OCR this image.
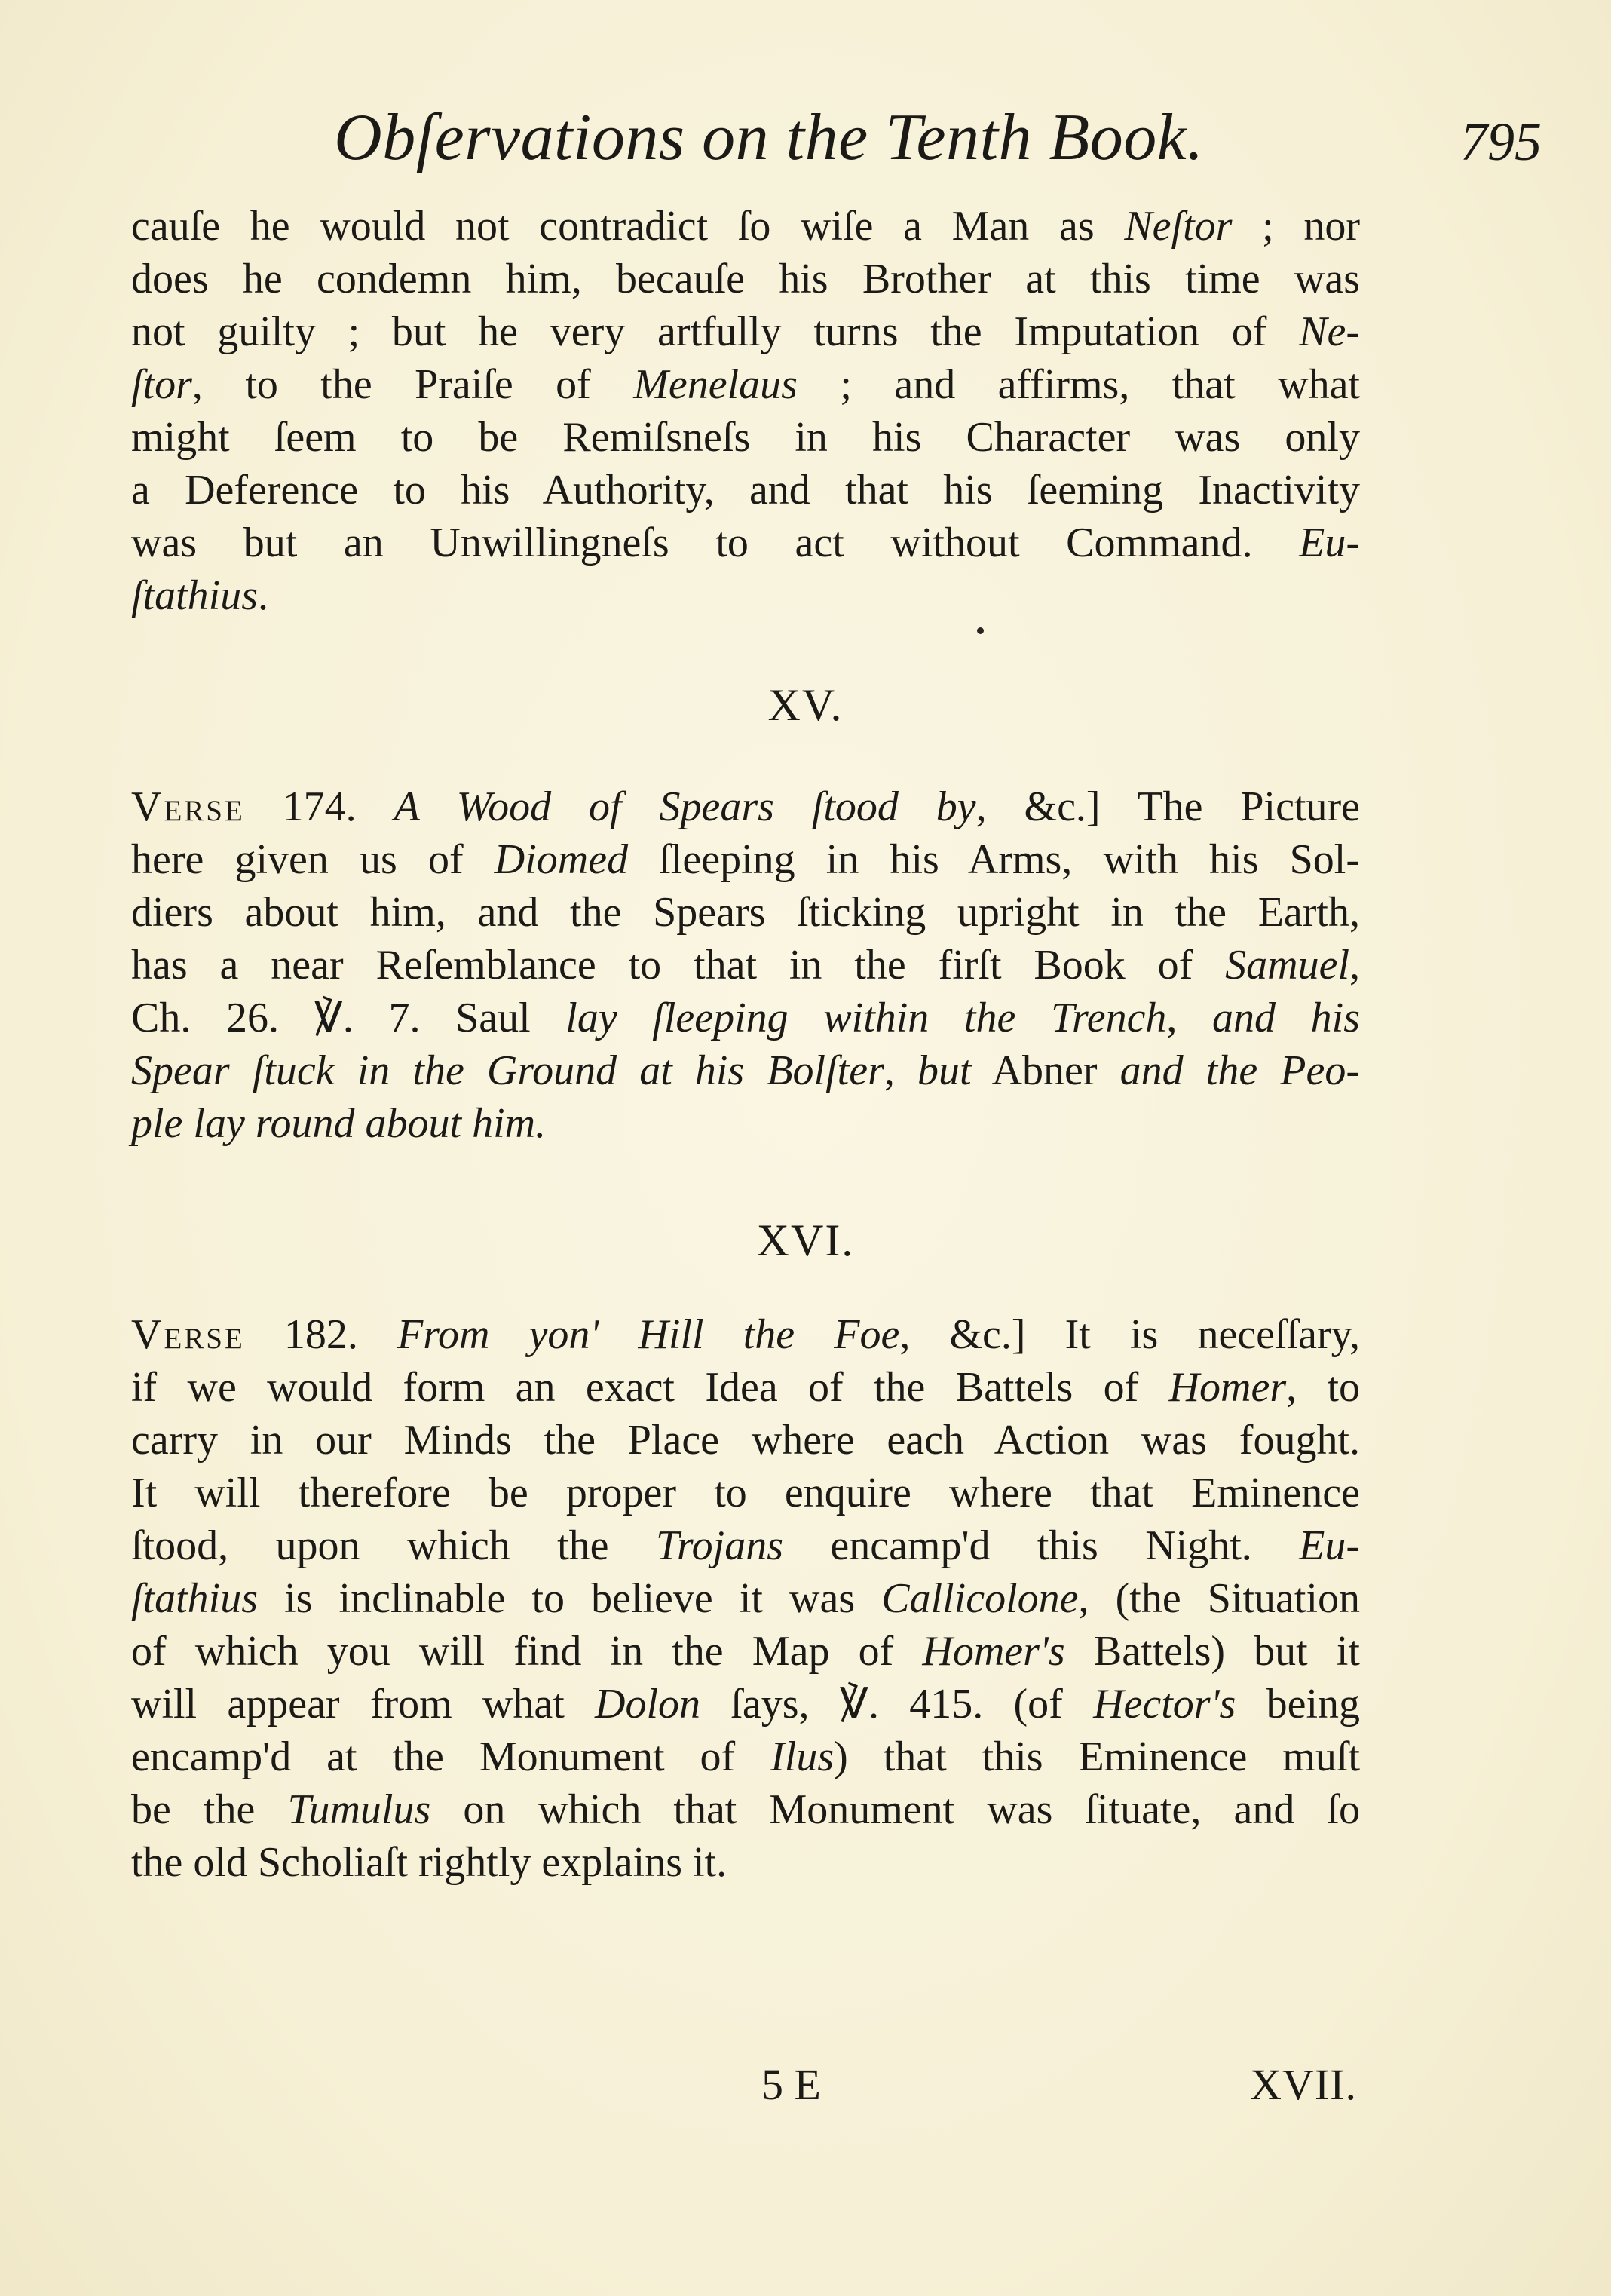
Obſervations on the Tenth Book.	795
cauſe he would not contradict ſo wiſe a Man as Neſtor ; nor
does he condemn him, becauſe his Brother at this time was
not guilty ; but he very artfully turns the Imputation of Ne-
ſtor, to the Praiſe of Menelaus ; and affirms, that what
might ſeem to be Remiſsneſs in his Character was only
a Deference to his Authority, and that his ſeeming Inactivity
was but an Unwillingneſs to act without Command. Eu-
ſtathius.
XV.
Verse 174. A Wood of Spears ſtood by, &c.] The Picture
here given us of Diomed ſleeping in his Arms, with his Sol-
diers about him, and the Spears ſticking upright in the Earth,
has a near Reſemblance to that in the firſt Book of Samuel,
Ch. 26. ℣. 7. Saul lay ſleeping within the Trench, and his
Spear ſtuck in the Ground at his Bolſter, but Abner and the Peo-
ple lay round about him.
XVI.
Verse 182. From yon' Hill the Foe, &c.] It is neceſſary,
if we would form an exact Idea of the Battels of Homer, to
carry in our Minds the Place where each Action was fought.
It will therefore be proper to enquire where that Eminence
ſtood, upon which the Trojans encamp'd this Night. Eu-
ſtathius is inclinable to believe it was Callicolone, (the Situation
of which you will find in the Map of Homer's Battels) but it
will appear from what Dolon ſays, ℣. 415. (of Hector's being
encamp'd at the Monument of Ilus) that this Eminence muſt
be the Tumulus on which that Monument was ſituate, and ſo
the old Scholiaſt rightly explains it.
5 E	XVII.
